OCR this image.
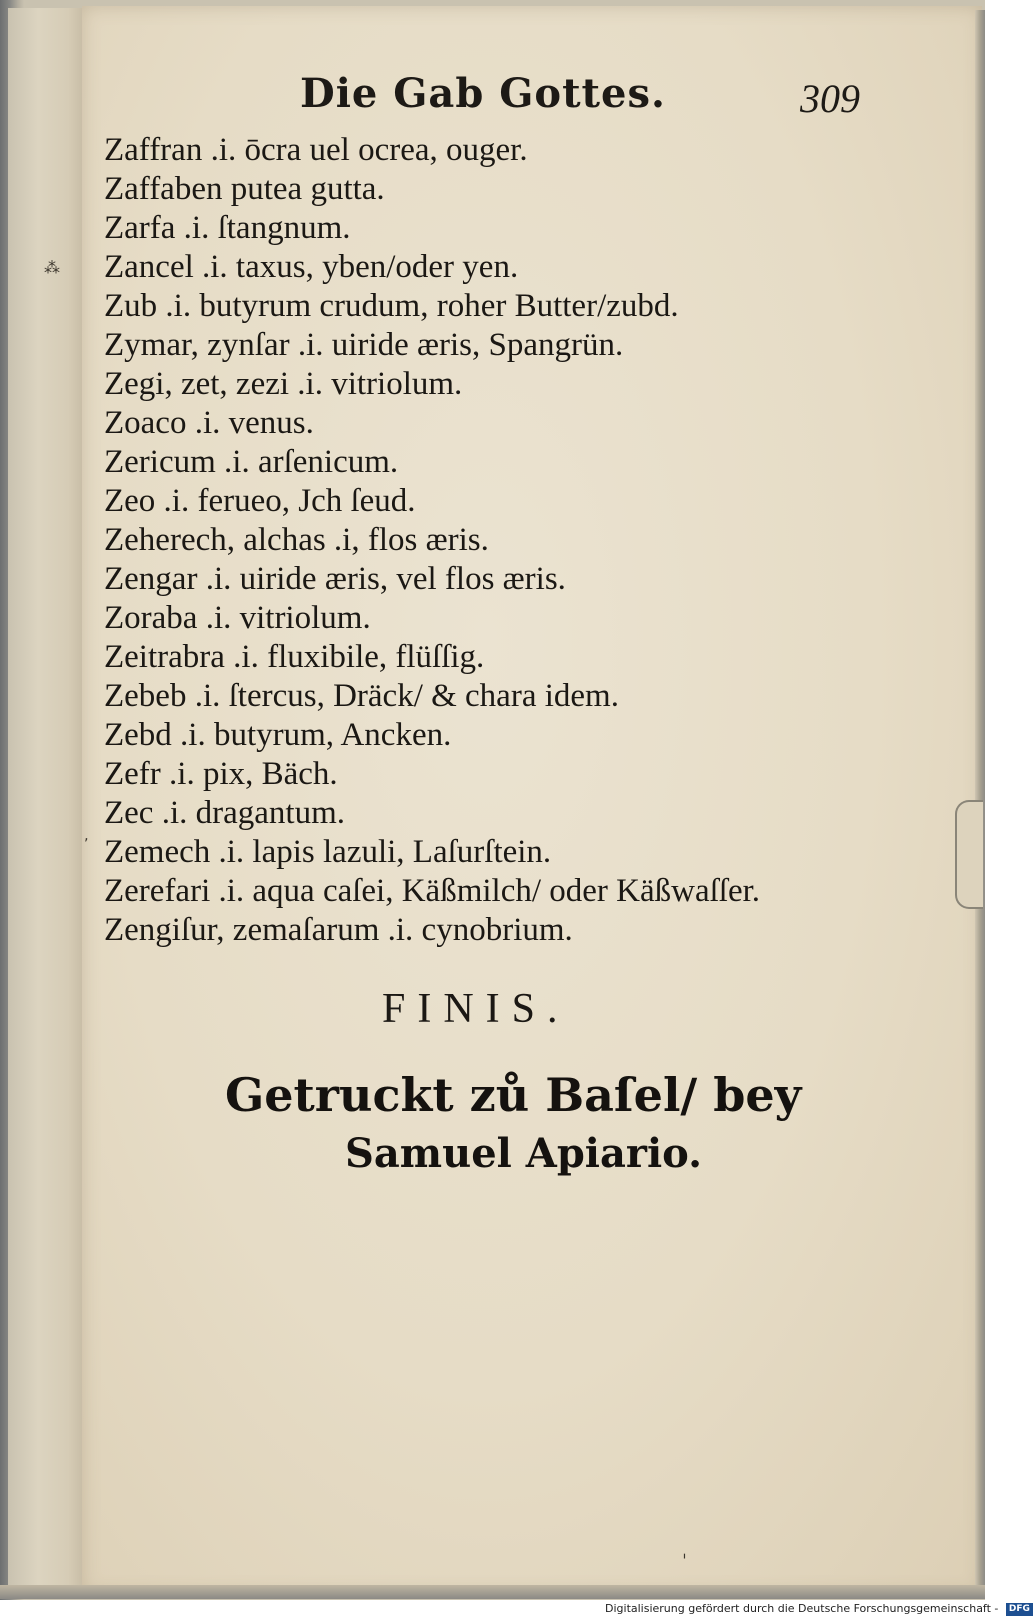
⁂
‚
Die Gab Gottes.	309
Zaffran .i. ōcra uel ocrea, ouger.
Zaffaben putea gutta.
Zarfa .i. ſtangnum.
Zancel .i. taxus, yben/oder yen.
Zub .i. butyrum crudum, roher Butter/zubd.
Zymar, zynſar .i. uiride æris, Spangrün.
Zegi, zet, zezi .i. vitriolum.
Zoaco .i. venus.
Zericum .i. arſenicum.
Zeo .i. ferueo, Jch ſeud.
Zeherech, alchas .i, flos æris.
Zengar .i. uiride æris, vel flos æris.
Zoraba .i. vitriolum.
Zeitrabra .i. fluxibile, flüſſig.
Zebeb .i. ſtercus, Dräck/ & chara idem.
Zebd .i. butyrum, Ancken.
Zefr .i. pix, Bäch.
Zec .i. dragantum.
Zemech .i. lapis lazuli, Laſurſtein.
Zerefari .i. aqua caſei, Käßmilch/ oder Käßwaſſer.
Zengiſur, zemaſarum .i. cynobrium.
FINIS.
Getruckt zů Baſel/ bey
Samuel Apiario.
ˌ
Digitalisierung gefördert durch die Deutsche Forschungsgemeinschaft - DFG
